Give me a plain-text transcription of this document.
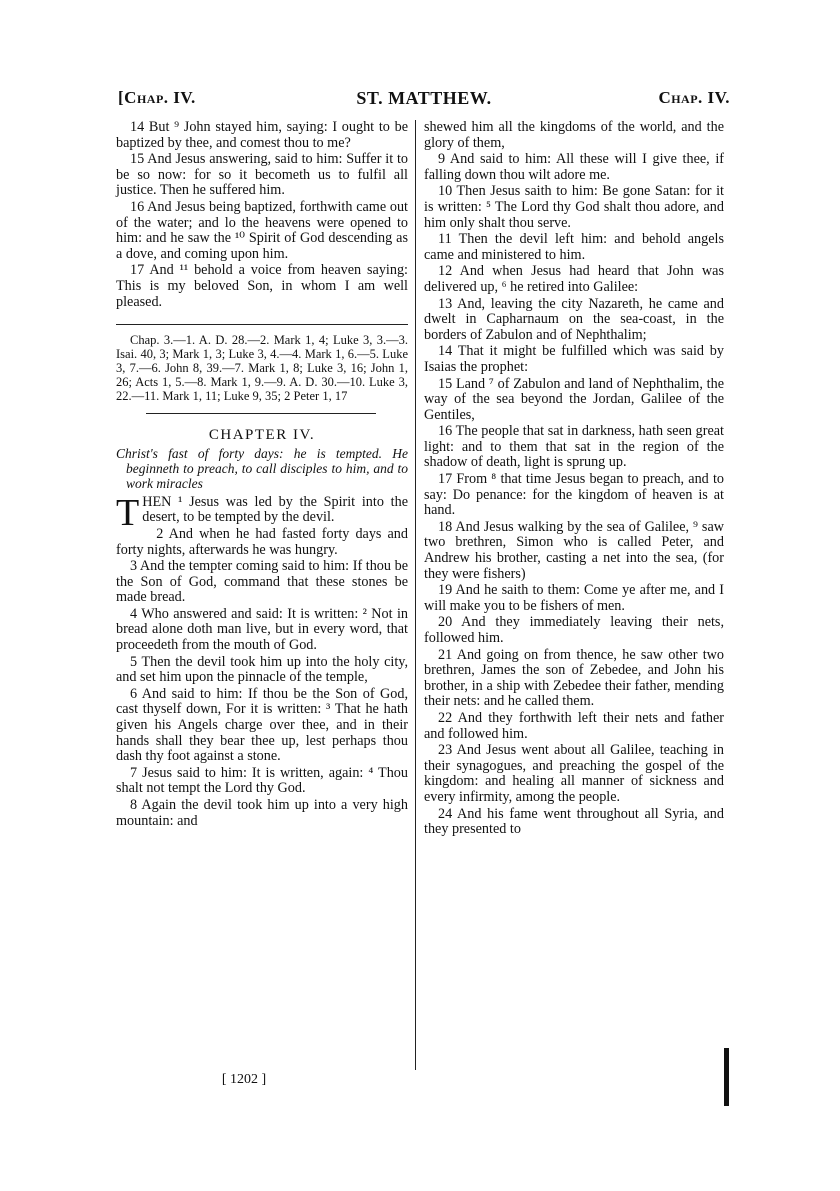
[Chap. IV.	ST. MATTHEW.	Chap. IV.

14 But ⁹ John stayed him, saying: I ought to be baptized by thee, and comest thou to me?

15 And Jesus answering, said to him: Suffer it to be so now: for so it becometh us to fulfil all justice. Then he suffered him.

16 And Jesus being baptized, forthwith came out of the water; and lo the heavens were opened to him: and he saw the ¹⁰ Spirit of God descending as a dove, and coming upon him.

17 And ¹¹ behold a voice from heaven saying: This is my beloved Son, in whom I am well pleased.

Chap. 3.—1. A. D. 28.—2. Mark 1, 4; Luke 3, 3.—3. Isai. 40, 3; Mark 1, 3; Luke 3, 4.—4. Mark 1, 6.—5. Luke 3, 7.—6. John 8, 39.—7. Mark 1, 8; Luke 3, 16; John 1, 26; Acts 1, 5.—8. Mark 1, 9.—9. A. D. 30.—10. Luke 3, 22.—11. Mark 1, 11; Luke 9, 35; 2 Peter 1, 17

CHAPTER IV.

Christ's fast of forty days: he is tempted. He beginneth to preach, to call disciples to him, and to work miracles

THEN ¹ Jesus was led by the Spirit into the desert, to be tempted by the devil.

2 And when he had fasted forty days and forty nights, afterwards he was hungry.

3 And the tempter coming said to him: If thou be the Son of God, command that these stones be made bread.

4 Who answered and said: It is written: ² Not in bread alone doth man live, but in every word, that proceedeth from the mouth of God.

5 Then the devil took him up into the holy city, and set him upon the pinnacle of the temple,

6 And said to him: If thou be the Son of God, cast thyself down, For it is written: ³ That he hath given his Angels charge over thee, and in their hands shall they bear thee up, lest perhaps thou dash thy foot against a stone.

7 Jesus said to him: It is written, again: ⁴ Thou shalt not tempt the Lord thy God.

8 Again the devil took him up into a very high mountain: and

shewed him all the kingdoms of the world, and the glory of them,

9 And said to him: All these will I give thee, if falling down thou wilt adore me.

10 Then Jesus saith to him: Be gone Satan: for it is written: ⁵ The Lord thy God shalt thou adore, and him only shalt thou serve.

11 Then the devil left him: and behold angels came and ministered to him.

12 And when Jesus had heard that John was delivered up, ⁶ he retired into Galilee:

13 And, leaving the city Nazareth, he came and dwelt in Capharnaum on the sea-coast, in the borders of Zabulon and of Nephthalim;

14 That it might be fulfilled which was said by Isaias the prophet:

15 Land ⁷ of Zabulon and land of Nephthalim, the way of the sea beyond the Jordan, Galilee of the Gentiles,

16 The people that sat in darkness, hath seen great light: and to them that sat in the region of the shadow of death, light is sprung up.

17 From ⁸ that time Jesus began to preach, and to say: Do penance: for the kingdom of heaven is at hand.

18 And Jesus walking by the sea of Galilee, ⁹ saw two brethren, Simon who is called Peter, and Andrew his brother, casting a net into the sea, (for they were fishers)

19 And he saith to them: Come ye after me, and I will make you to be fishers of men.

20 And they immediately leaving their nets, followed him.

21 And going on from thence, he saw other two brethren, James the son of Zebedee, and John his brother, in a ship with Zebedee their father, mending their nets: and he called them.

22 And they forthwith left their nets and father and followed him.

23 And Jesus went about all Galilee, teaching in their synagogues, and preaching the gospel of the kingdom: and healing all manner of sickness and every infirmity, among the people.

24 And his fame went throughout all Syria, and they presented to

[ 1202 ]
